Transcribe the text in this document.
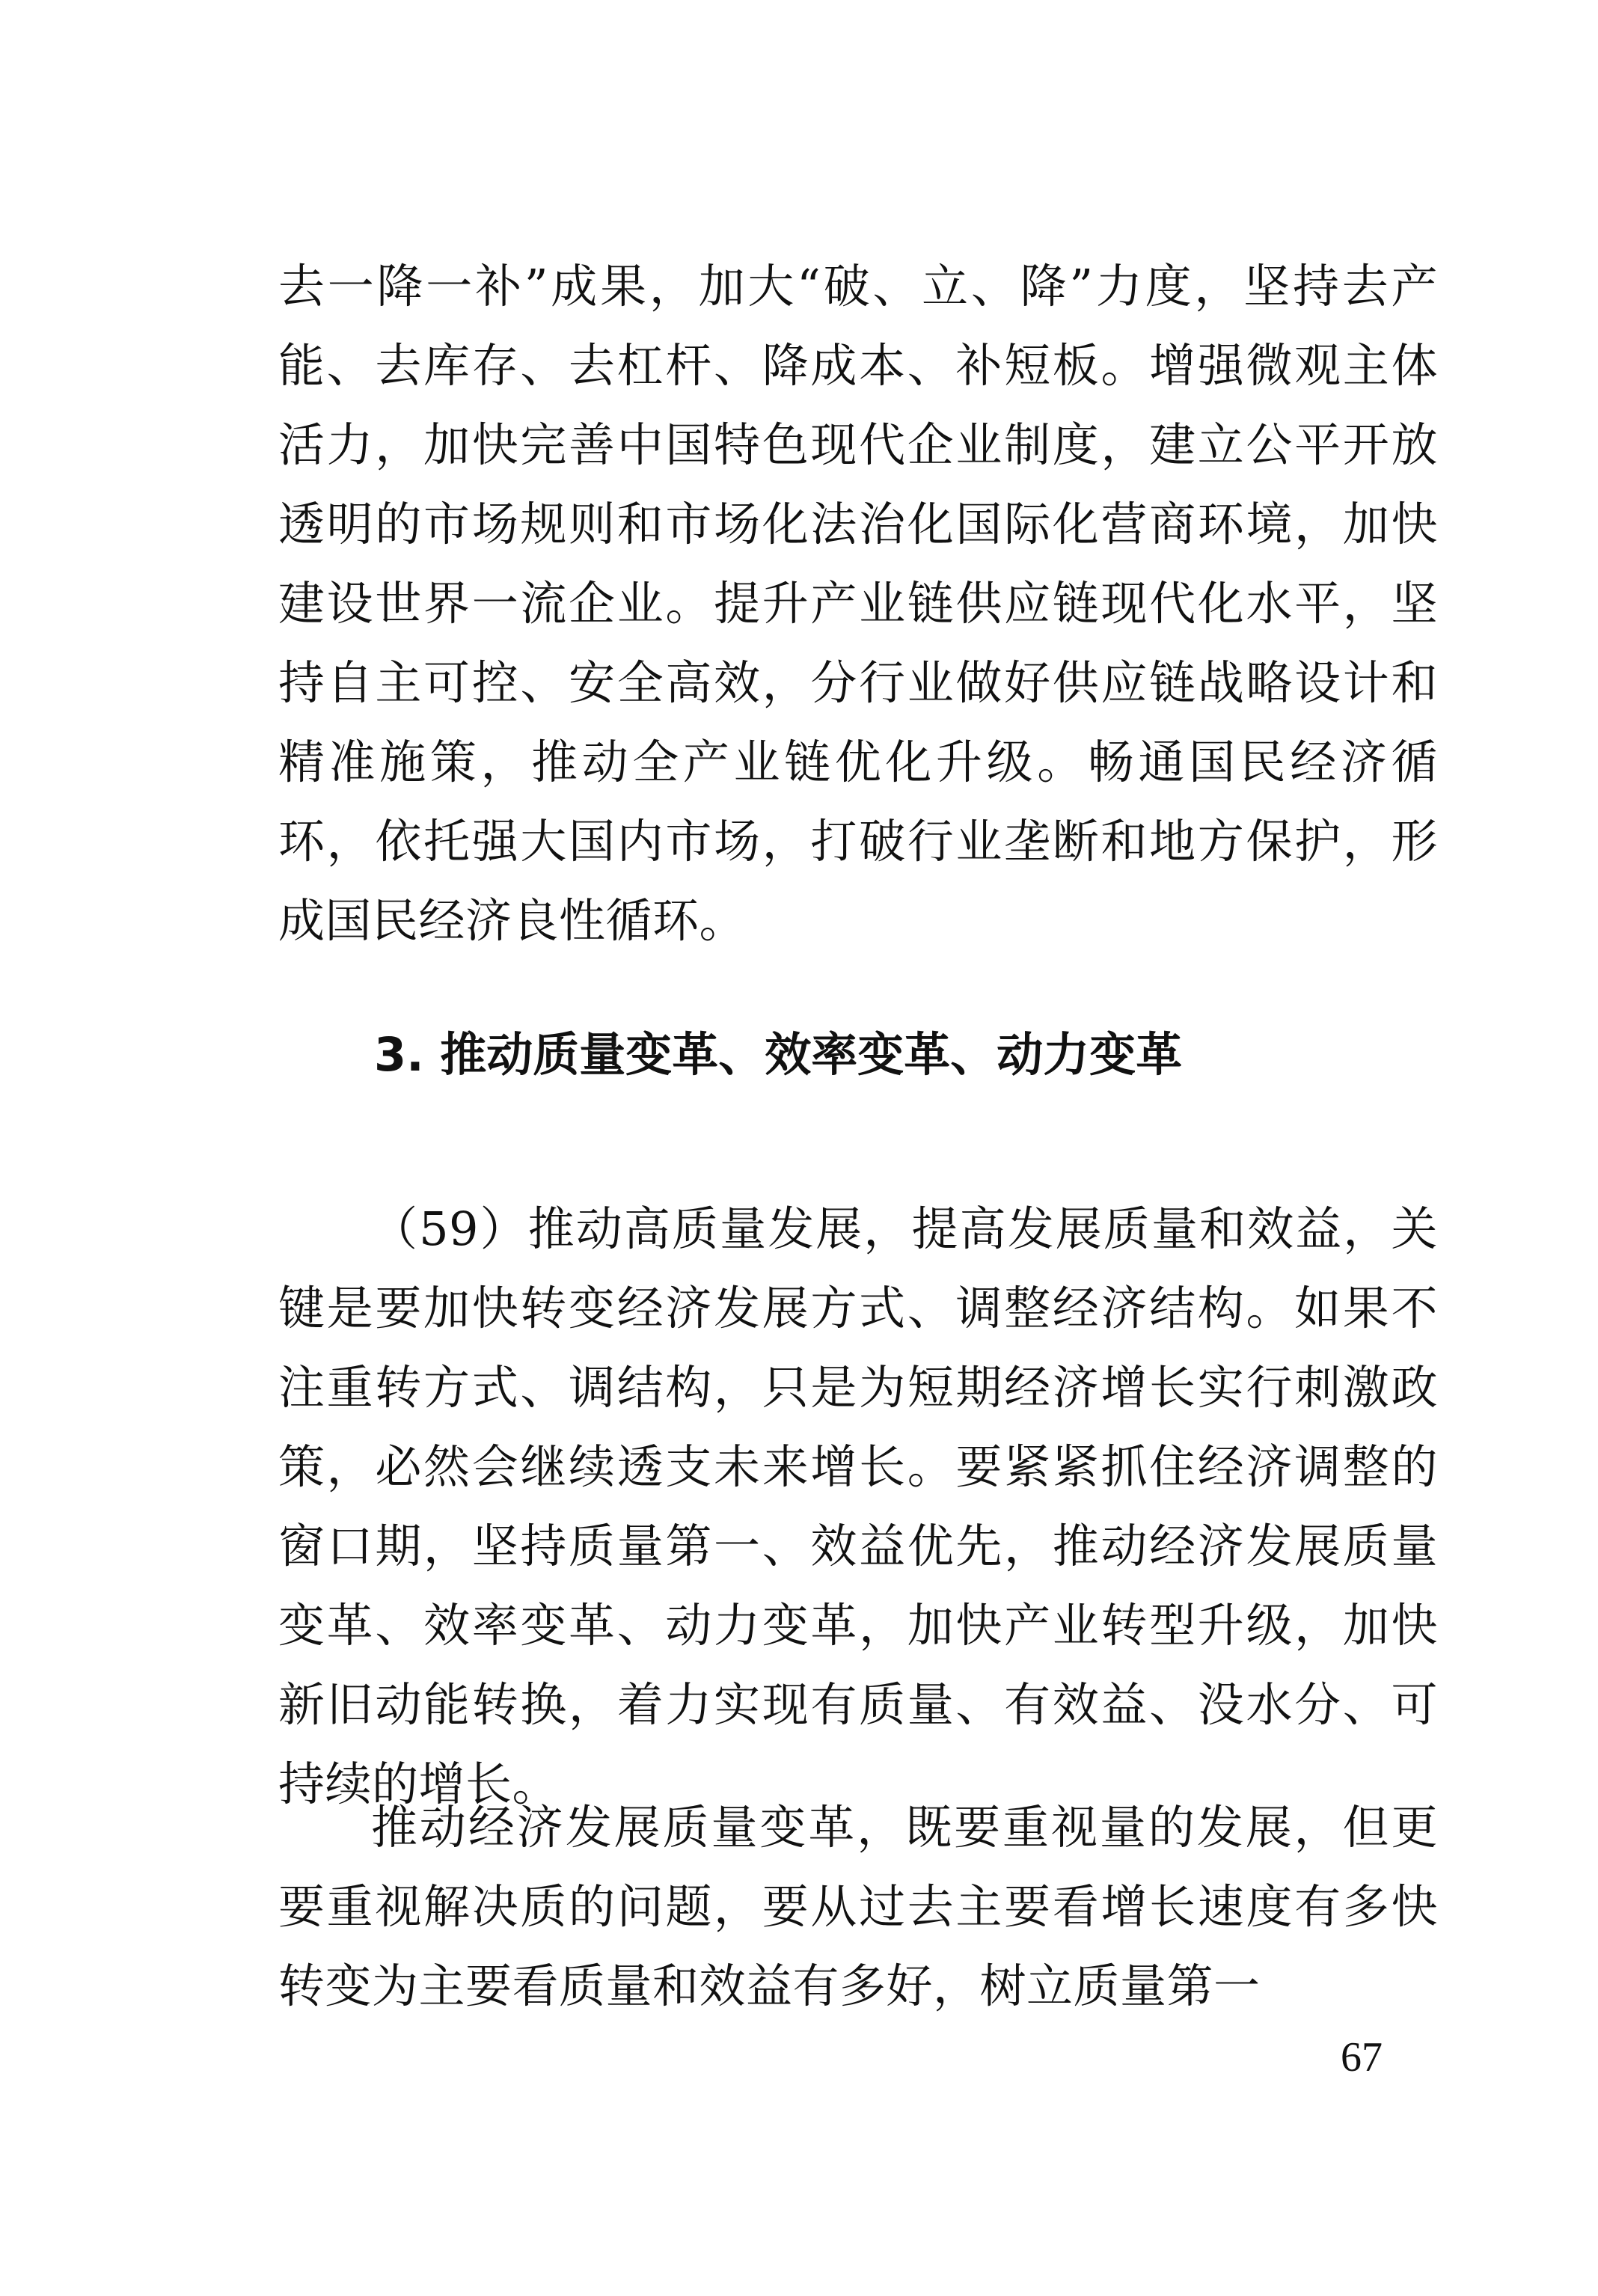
去一降一补”成果，加大“破、立、降”力度，坚持去产能、去库存、去杠杆、降成本、补短板。增强微观主体活力，加快完善中国特色现代企业制度，建立公平开放透明的市场规则和市场化法治化国际化营商环境，加快建设世界一流企业。提升产业链供应链现代化水平，坚持自主可控、安全高效，分行业做好供应链战略设计和精准施策，推动全产业链优化升级。畅通国民经济循环，依托强大国内市场，打破行业垄断和地方保护，形成国民经济良性循环。

3. 推动质量变革、效率变革、动力变革

（59）推动高质量发展，提高发展质量和效益，关键是要加快转变经济发展方式、调整经济结构。如果不注重转方式、调结构，只是为短期经济增长实行刺激政策，必然会继续透支未来增长。要紧紧抓住经济调整的窗口期，坚持质量第一、效益优先，推动经济发展质量变革、效率变革、动力变革，加快产业转型升级，加快新旧动能转换，着力实现有质量、有效益、没水分、可持续的增长。

推动经济发展质量变革，既要重视量的发展，但更要重视解决质的问题，要从过去主要看增长速度有多快转变为主要看质量和效益有多好，树立质量第一

67
